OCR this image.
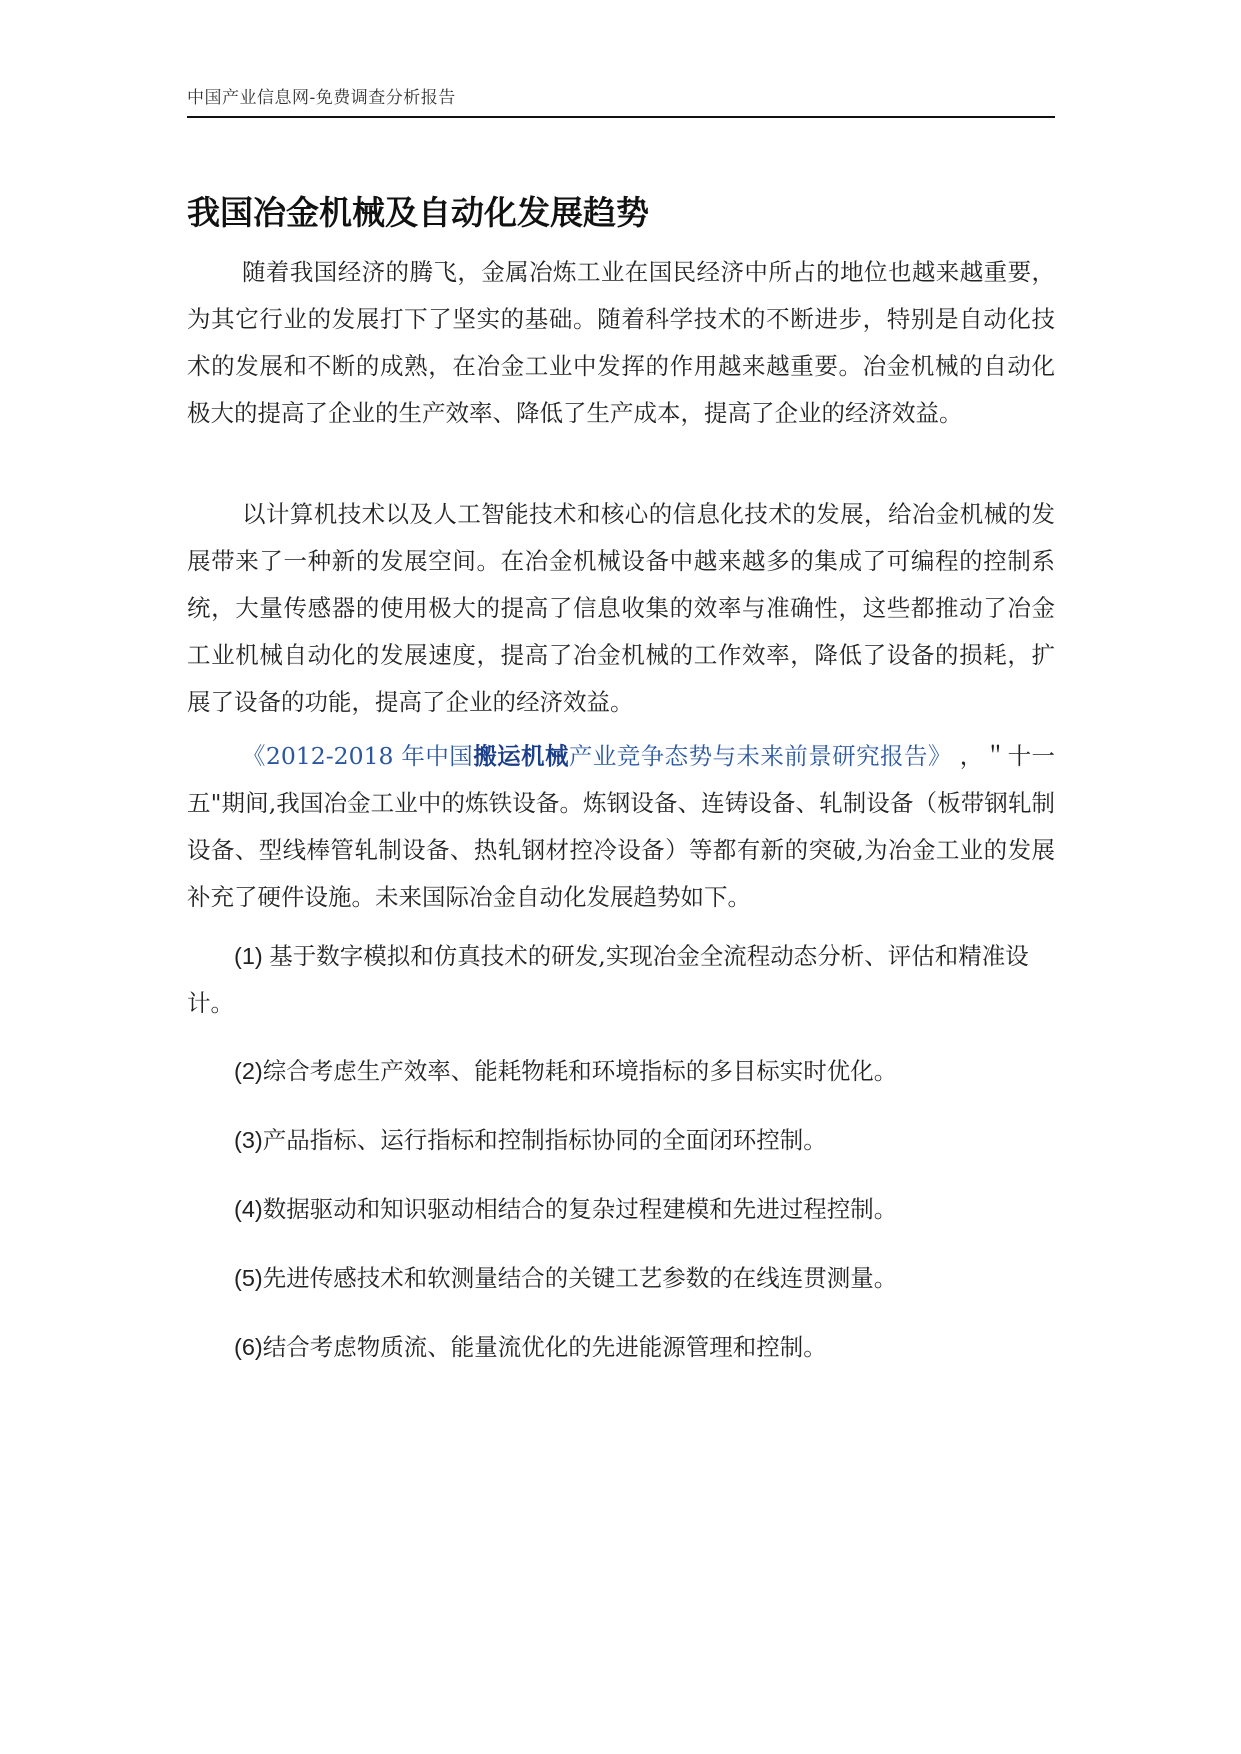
中国产业信息网-免费调查分析报告
我国冶金机械及自动化发展趋势

随着我国经济的腾飞，金属冶炼工业在国民经济中所占的地位也越来越重要，为其它行业的发展打下了坚实的基础。随着科学技术的不断进步，特别是自动化技术的发展和不断的成熟，在冶金工业中发挥的作用越来越重要。冶金机械的自动化极大的提高了企业的生产效率、降低了生产成本，提高了企业的经济效益。

以计算机技术以及人工智能技术和核心的信息化技术的发展，给冶金机械的发展带来了一种新的发展空间。在冶金机械设备中越来越多的集成了可编程的控制系统，大量传感器的使用极大的提高了信息收集的效率与准确性，这些都推动了冶金工业机械自动化的发展速度，提高了冶金机械的工作效率，降低了设备的损耗，扩展了设备的功能，提高了企业的经济效益。

《2012-2018 年中国搬运机械产业竞争态势与未来前景研究报告》 ，＂十一五"期间,我国冶金工业中的炼铁设备。炼钢设备、连铸设备、轧制设备（板带钢轧制设备、型线棒管轧制设备、热轧钢材控冷设备）等都有新的突破,为冶金工业的发展补充了硬件设施。未来国际冶金自动化发展趋势如下。

(1) 基于数字模拟和仿真技术的研发,实现冶金全流程动态分析、评估和精准设计。

(2)综合考虑生产效率、能耗物耗和环境指标的多目标实时优化。

(3)产品指标、运行指标和控制指标协同的全面闭环控制。

(4)数据驱动和知识驱动相结合的复杂过程建模和先进过程控制。

(5)先进传感技术和软测量结合的关键工艺参数的在线连贯测量。

(6)结合考虑物质流、能量流优化的先进能源管理和控制。
